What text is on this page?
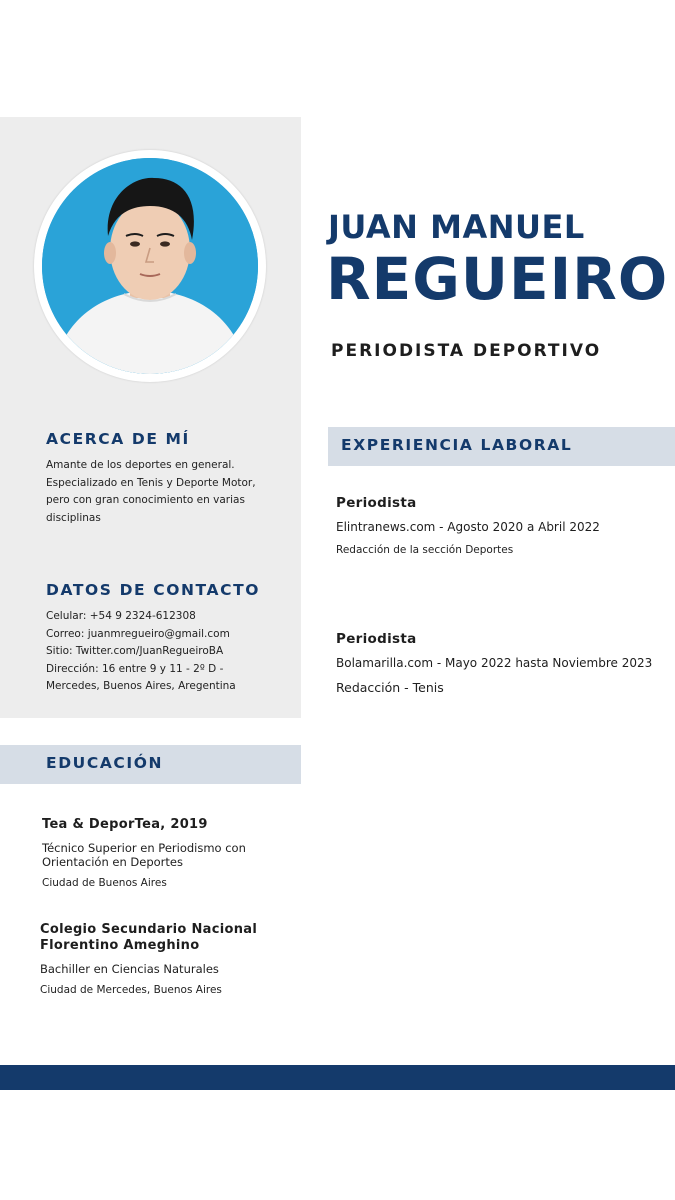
JUAN MANUEL
REGUEIRO
PERIODISTA DEPORTIVO
ACERCA DE MÍ
Amante de los deportes en general.
Especializado en Tenis y Deporte Motor,
pero con gran conocimiento en varias
disciplinas
DATOS DE CONTACTO
Celular: +54 9 2324-612308
Correo: juanmregueiro@gmail.com
Sitio: Twitter.com/JuanRegueiroBA
Dirección: 16 entre 9 y 11 - 2º D -
Mercedes, Buenos Aires, Aregentina
EXPERIENCIA LABORAL
Periodista
Elintranews.com - Agosto 2020 a Abril 2022
Redacción de la sección Deportes
Periodista
Bolamarilla.com - Mayo 2022 hasta Noviembre 2023
Redacción - Tenis
EDUCACIÓN
Tea & DeporTea, 2019
Técnico Superior en Periodismo con Orientación en Deportes
Ciudad de Buenos Aires
Colegio Secundario Nacional Florentino Ameghino
Bachiller en Ciencias Naturales
Ciudad de Mercedes, Buenos Aires
